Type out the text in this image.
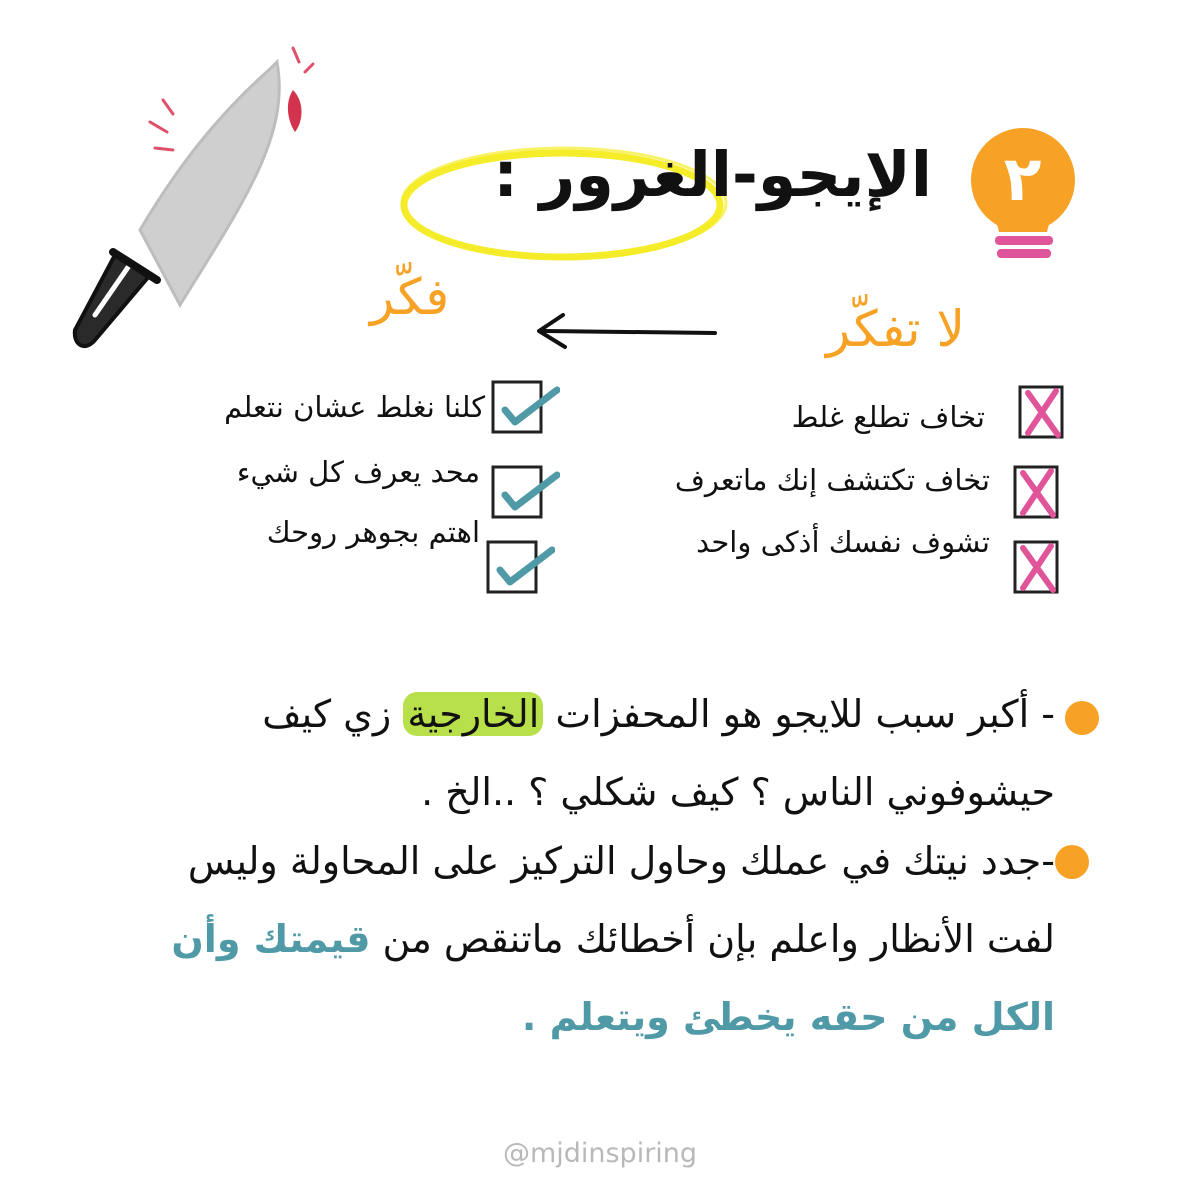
٢
الإيجو-الغرور :
فكّر
لا تفكّر
تخاف تطلع غلط
تخاف تكتشف إنك ماتعرف
تشوف نفسك أذكى واحد
كلنا نغلط عشان نتعلم
محد يعرف كل شيء
اهتم بجوهر روحك
- أكبر سبب للايجو هو المحفزات الخارجية زي كيف حيشوفوني الناس ؟ كيف شكلي ؟ ..الخ .
-جدد نيتك في عملك وحاول التركيز على المحاولة وليس لفت الأنظار واعلم بإن أخطائك ماتنقص من قيمتك وأن الكل من حقه يخطئ ويتعلم .
@mjdinspiring
